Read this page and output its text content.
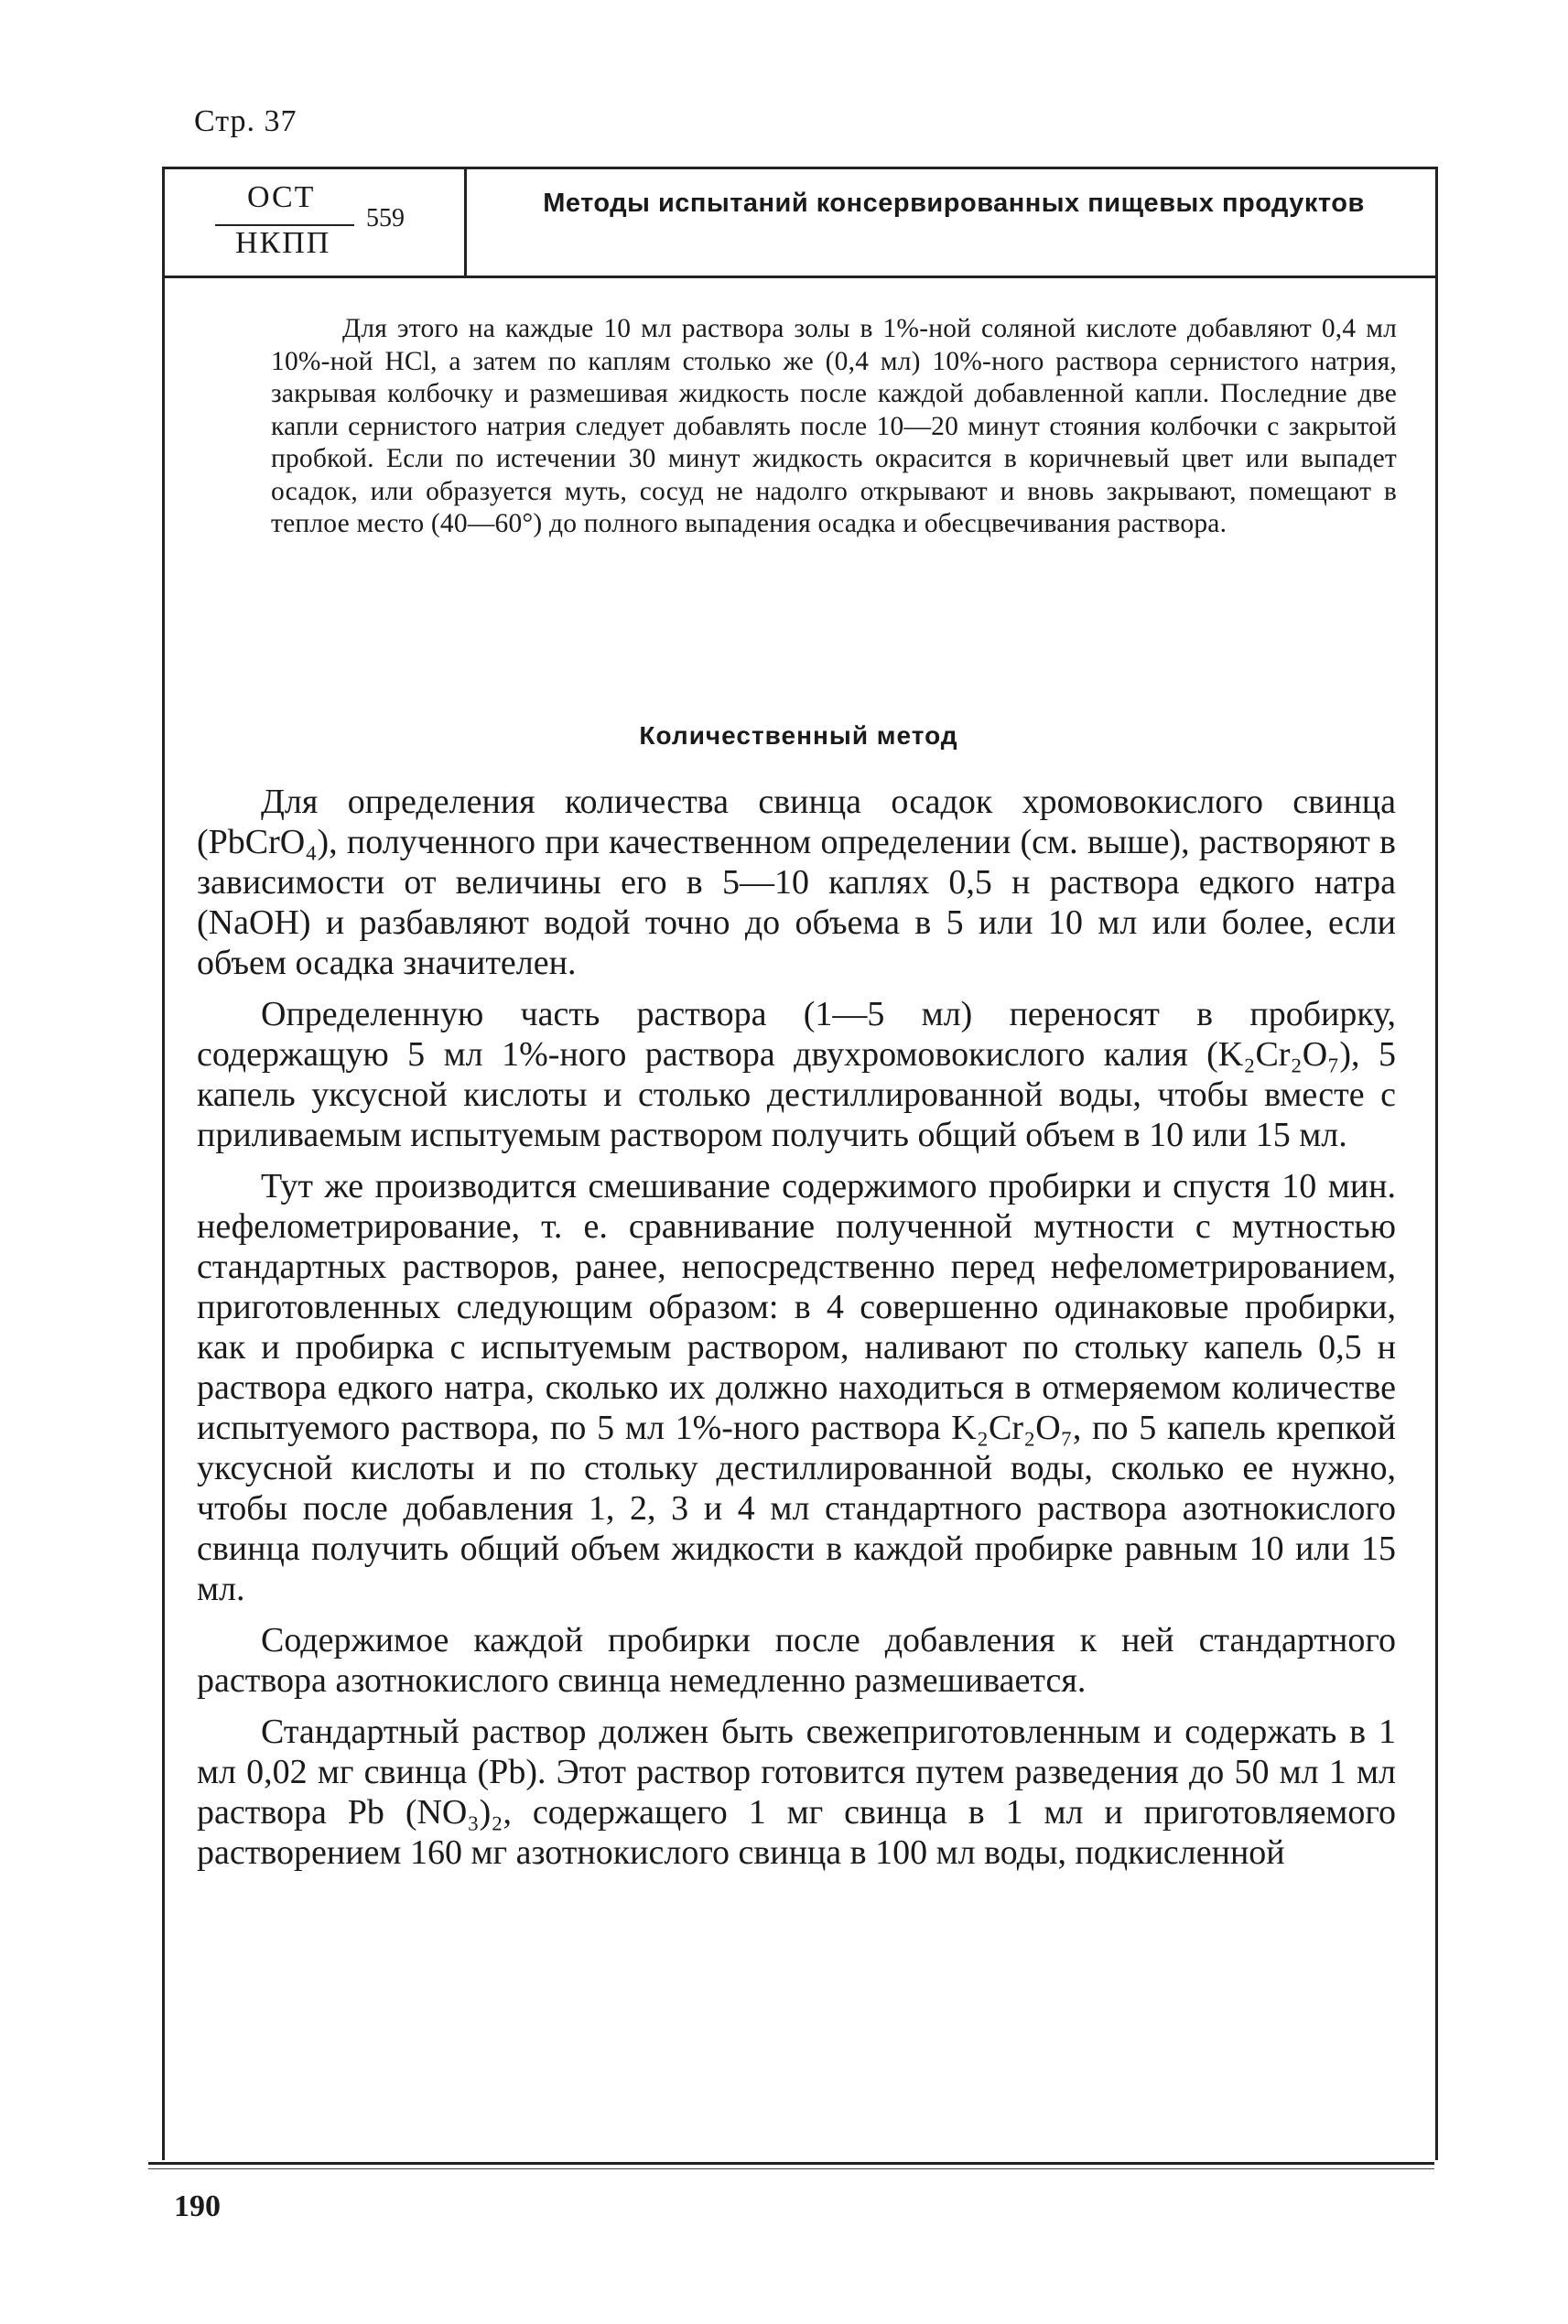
Стр. 37
ОСТ
НКПП
559
Методы испытаний консервированных пищевых продуктов
Для этого на каждые 10 мл раствора золы в 1%-ной соляной кислоте добавляют 0,4 мл 10%-ной HCl, а затем по каплям столько же (0,4 мл) 10%-ного раствора сернистого натрия, закрывая колбочку и размешивая жидкость после каждой добавленной капли. Последние две капли сернистого натрия следует добавлять после 10—20 минут стояния колбочки с закрытой пробкой. Если по истечении 30 минут жидкость окрасится в коричневый цвет или выпадет осадок, или образуется муть, сосуд не надолго открывают и вновь закрывают, помещают в теплое место (40—60°) до полного выпадения осадка и обесцвечивания раствора.
Количественный метод

Для определения количества свинца осадок хромовокислого свинца (PbCrO₄), полученного при качественном определении (см. выше), растворяют в зависимости от величины его в 5—10 каплях 0,5 н раствора едкого натра (NaOH) и разбавляют водой точно до объема в 5 или 10 мл или более, если объем осадка значителен.

Определенную часть раствора (1—5 мл) переносят в пробирку, содержащую 5 мл 1%-ного раствора двухромовокислого калия (K₂Cr₂O₇), 5 капель уксусной кислоты и столько дестиллированной воды, чтобы вместе с приливаемым испытуемым раствором получить общий объем в 10 или 15 мл.

Тут же производится смешивание содержимого пробирки и спустя 10 мин. нефелометрирование, т. е. сравнивание полученной мутности с мутностью стандартных растворов, ранее, непосредственно перед нефелометрированием, приготовленных следующим образом: в 4 совершенно одинаковые пробирки, как и пробирка с испытуемым раствором, наливают по стольку капель 0,5 н раствора едкого натра, сколько их должно находиться в отмеряемом количестве испытуемого раствора, по 5 мл 1%-ного раствора K₂Cr₂O₇, по 5 капель крепкой уксусной кислоты и по стольку дестиллированной воды, сколько ее нужно, чтобы после добавления 1, 2, 3 и 4 мл стандартного раствора азотнокислого свинца получить общий объем жидкости в каждой пробирке равным 10 или 15 мл.

Содержимое каждой пробирки после добавления к ней стандартного раствора азотнокислого свинца немедленно размешивается.

Стандартный раствор должен быть свежеприготовленным и содержать в 1 мл 0,02 мг свинца (Pb). Этот раствор готовится путем разведения до 50 мл 1 мл раствора Pb (NO₃)₂, содержащего 1 мг свинца в 1 мл и приготовляемого растворением 160 мг азотнокислого свинца в 100 мл воды, подкисленной

190
